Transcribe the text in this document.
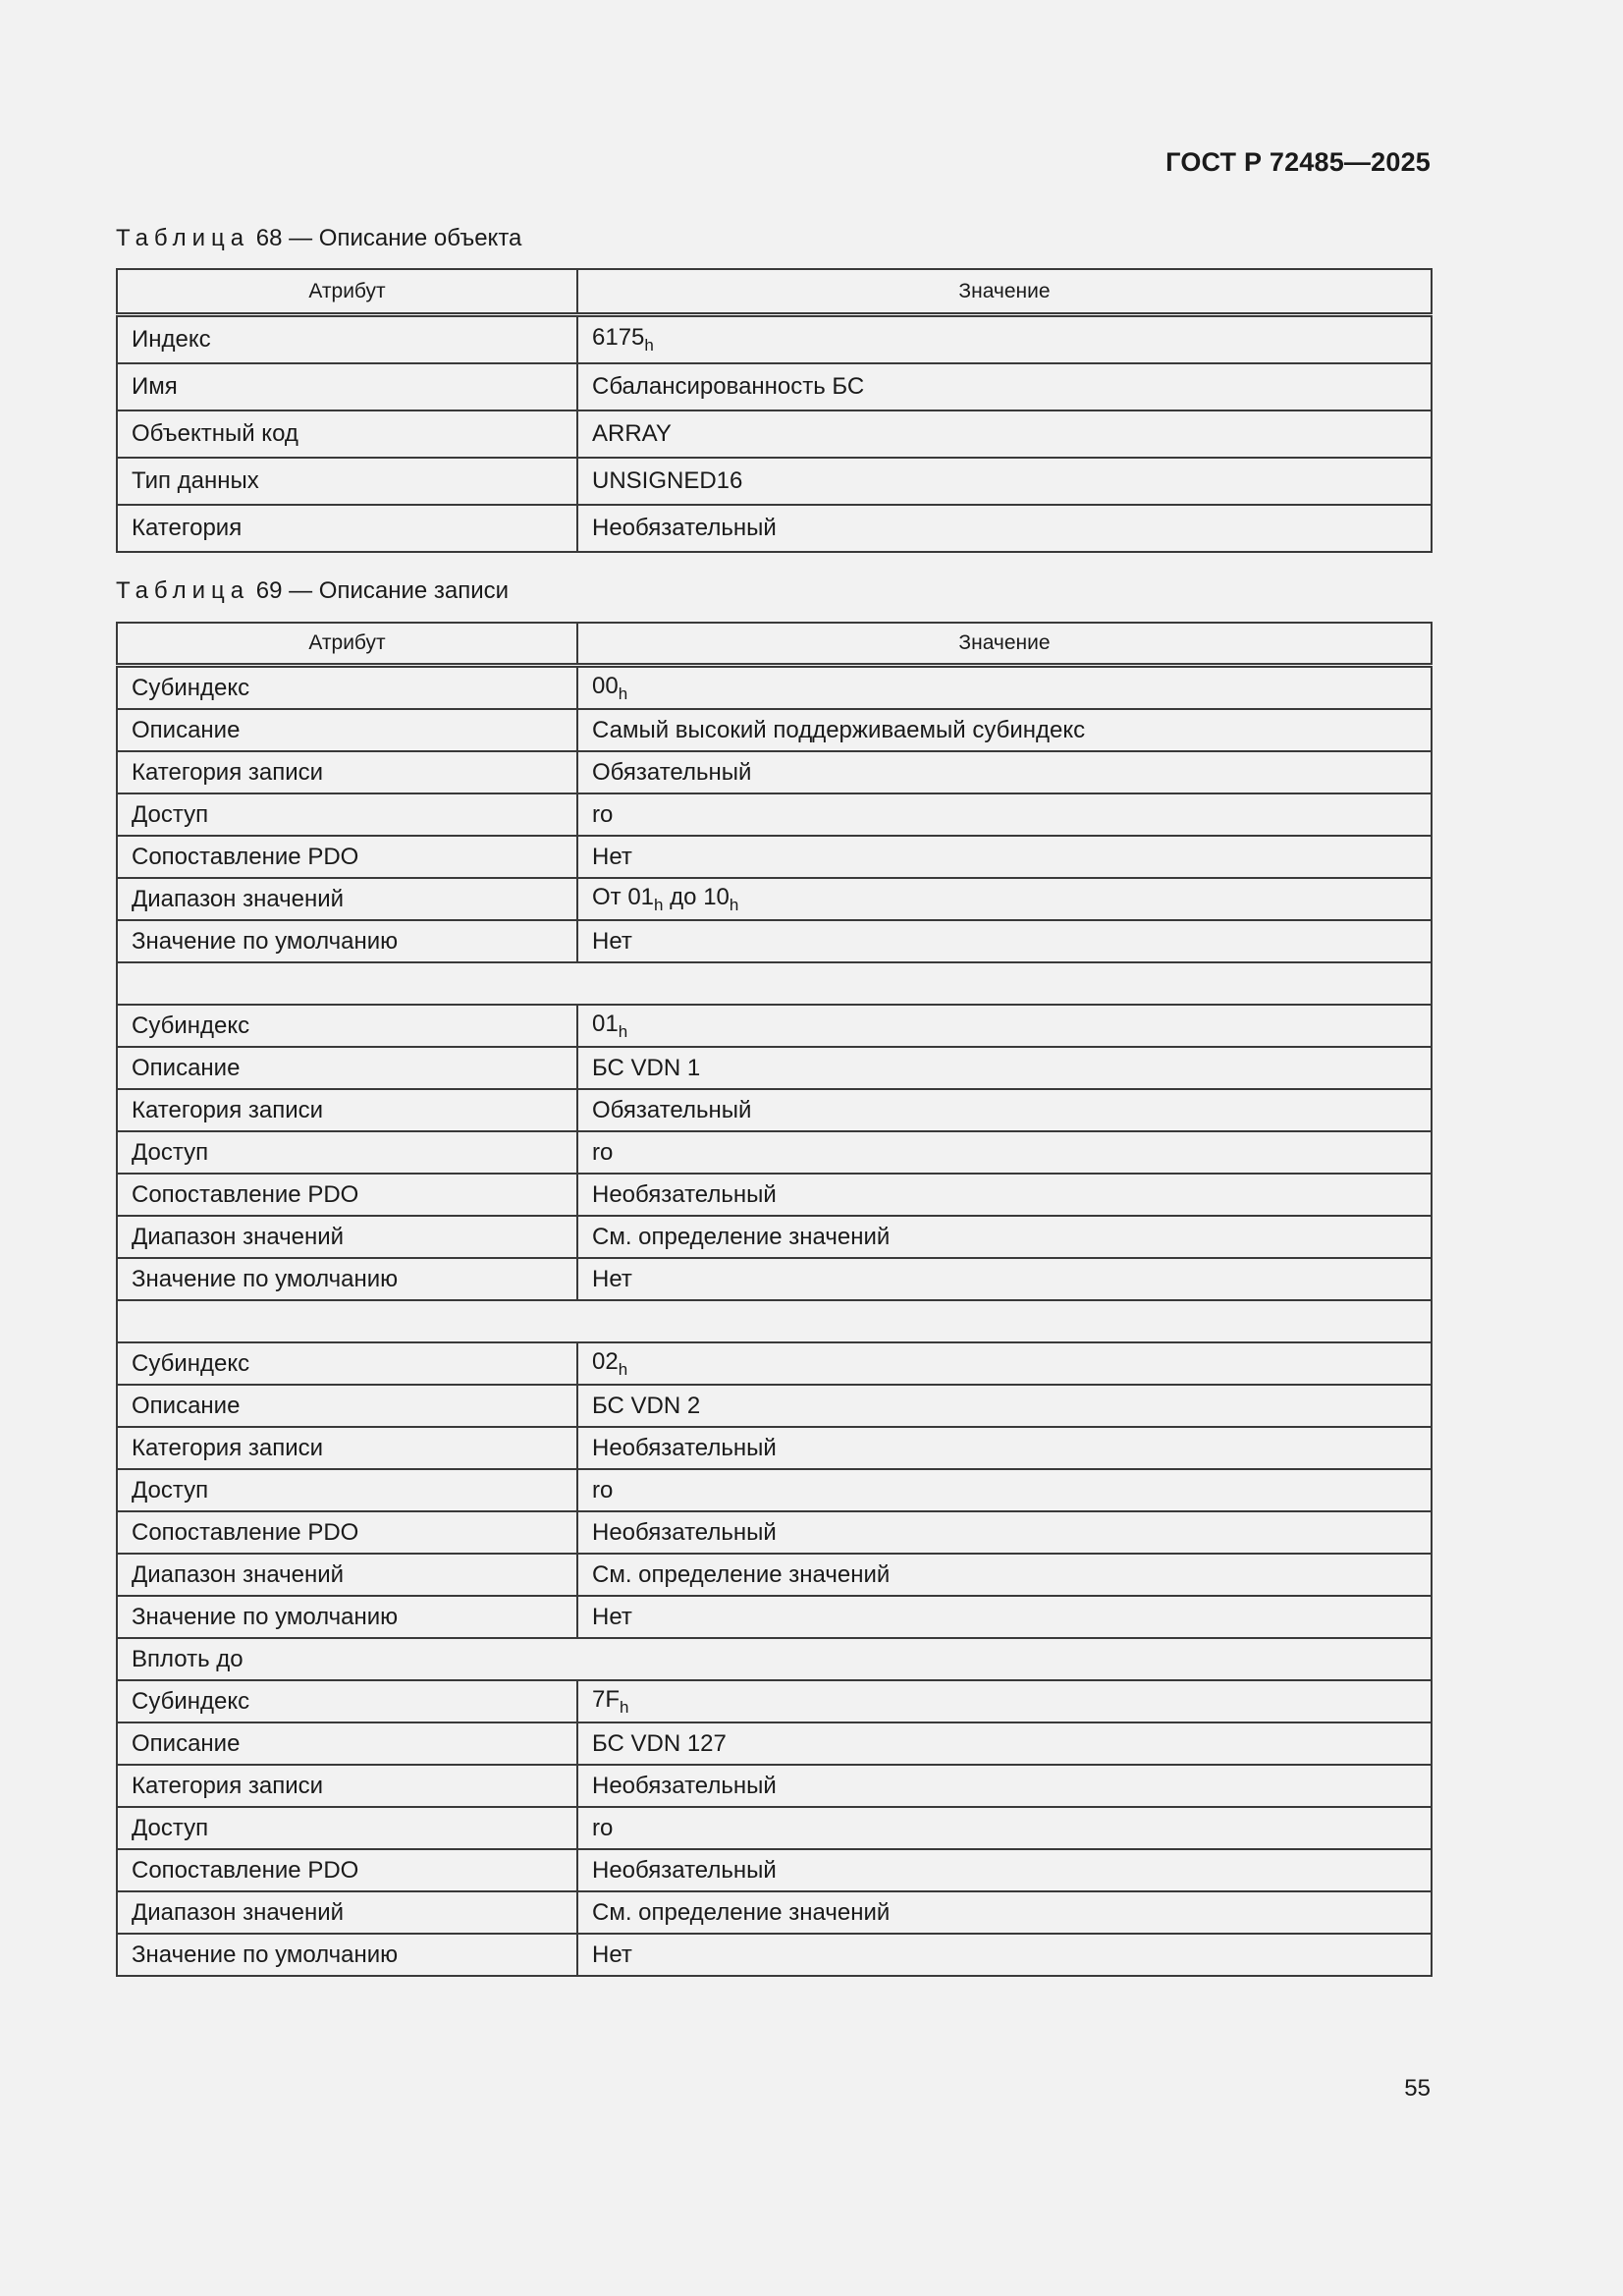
ГОСТ Р 72485—2025
Таблица 68 — Описание объекта
Атрибут	Значение
Индекс	$6175_h$
Имя	Сбалансированность БС
Объектный код	ARRAY
Тип данных	UNSIGNED16
Категория	Необязательный
Таблица 69 — Описание записи
Атрибут	Значение
Субиндекс	$00_h$
Описание	Самый высокий поддерживаемый субиндекс
Категория записи	Обязательный
Доступ	ro
Сопоставление PDO	Нет
Диапазон значений	От $01_h$ до $10_h$
Значение по умолчанию	Нет

Субиндекс	$01_h$
Описание	БС VDN 1
Категория записи	Обязательный
Доступ	ro
Сопоставление PDO	Необязательный
Диапазон значений	См. определение значений
Значение по умолчанию	Нет

Субиндекс	$02_h$
Описание	БС VDN 2
Категория записи	Необязательный
Доступ	ro
Сопоставление PDO	Необязательный
Диапазон значений	См. определение значений
Значение по умолчанию	Нет
Вплоть до	
Субиндекс	$7F_h$
Описание	БС VDN 127
Категория записи	Необязательный
Доступ	ro
Сопоставление PDO	Необязательный
Диапазон значений	См. определение значений
Значение по умолчанию	Нет
55
